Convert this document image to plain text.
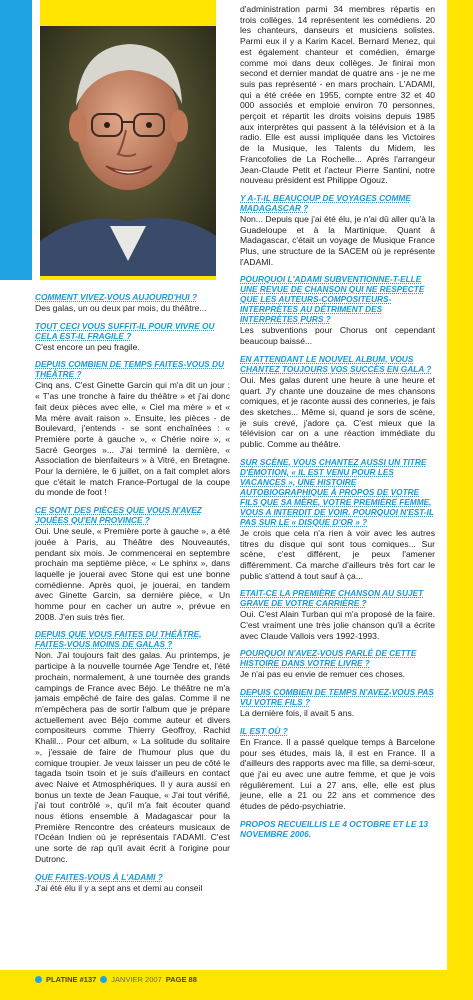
COMMENT VIVEZ-VOUS AUJOURD'HUI ?
Des galas, un ou deux par mois, du théâtre...
TOUT CECI VOUS SUFFIT-IL POUR VIVRE OU CELA EST-IL FRAGILE ?
C'est encore un peu fragile.
DEPUIS COMBIEN DE TEMPS FAITES-VOUS DU THÉÂTRE ?
Cinq ans. C'est Ginette Garcin qui m'a dit un jour : « T'as une tronche à faire du théâtre » et j'ai donc fait deux pièces avec elle, « Ciel ma mère » et « Ma mère avait raison ». Ensuite, les pièces - de Boulevard, j'entends - se sont enchaînées : « Première porte à gauche », « Chérie noire », « Sacré Georges »... J'ai terminé la dernière, « Association de bienfaiteurs » à Vitré, en Bretagne. Pour la dernière, le 6 juillet, on a fait complet alors que c'était le match France-Portugal de la coupe du monde de foot !
CE SONT DES PIÈCES QUE VOUS N'AVEZ JOUÉES QU'EN PROVINCE ?
Oui. Une seule, « Première porte à gauche », a été jouée à Paris, au Théâtre des Nouveautés, pendant six mois. Je commencerai en septembre prochain ma septième pièce, « Le sphinx », dans laquelle je jouerai avec Stone qui est une bonne comédienne. Après quoi, je jouerai, en tandem avec Ginette Garcin, sa dernière pièce, « Un homme pour en cacher un autre », prévue en 2008. J'en suis très fier.
DEPUIS QUE VOUS FAITES DU THÉÂTRE, FAITES-VOUS MOINS DE GALAS ?
Non. J'ai toujours fait des galas. Au printemps, je participe à la nouvelle tournée Age Tendre et, l'été prochain, normalement, à une tournée des grands campings de France avec Béjo. Le théâtre ne m'a jamais empêché de faire des galas. Comme il ne m'empêchera pas de sortir l'album que je prépare actuellement avec Béjo comme auteur et divers compositeurs comme Thierry Geoffroy, Rachid Khalil... Pour cet album, « La solitude du solitaire », j'essaie de faire de l'humour plus que du comique troupier. Je veux laisser un peu de côté le tagada tsoin tsoin et je suis d'ailleurs en contact avec Naive et Atmosphériques. Il y aura aussi en bonus un texte de Jean Fauque, « J'ai tout vérifié, j'ai tout contrôlé », qu'il m'a fait écouter quand nous étions ensemble à Madagascar pour la Première Rencontre des créateurs musicaux de l'Océan Indien où je représentais l'ADAMI. C'est une sorte de rap qu'il avait écrit à l'origine pour Dutronc.
QUE FAITES-VOUS À L'ADAMI ?
J'ai été élu il y a sept ans et demi au conseil
d'administration parmi 34 membres répartis en trois collèges. 14 représentent les comédiens. 20 les chanteurs, danseurs et musiciens solistes. Parmi eux il y a Karim Kacel. Bernard Menez, qui est également chanteur et comédien, émarge comme moi dans deux collèges. Je finirai mon second et dernier mandat de quatre ans - je ne me suis pas représenté - en mars prochain. L'ADAMI, qui a été créée en 1955, compte entre 32 et 40 000 associés et emploie environ 70 personnes, perçoit et répartit les droits voisins depuis 1985 aux interprètes qui passent à la télévision et à la radio. Elle est aussi impliquée dans les Victoires de la Musique, les Talents du Midem, les Francofolies de La Rochelle... Après l'arrangeur Jean-Claude Petit et l'acteur Pierre Santini, notre nouveau président est Philippe Ogouz.
Y A-T-IL BEAUCOUP DE VOYAGES COMME MADAGASCAR ?
Non... Depuis que j'ai été élu, je n'ai dû aller qu'à la Guadeloupe et à la Martinique. Quant à Madagascar, c'était un voyage de Musique France Plus, une structure de la SACEM où je représente l'ADAMI.
POURQUOI L'ADAMI SUBVENTIONNE-T-ELLE UNE REVUE DE CHANSON QUI NE RESPECTE QUE LES AUTEURS-COMPOSITEURS-INTERPRÈTES AU DÉTRIMENT DES INTERPRÈTES PURS ?
Les subventions pour Chorus ont cependant beaucoup baissé...
EN ATTENDANT LE NOUVEL ALBUM, VOUS CHANTEZ TOUJOURS VOS SUCCÈS EN GALA ?
Oui. Mes galas durent une heure à une heure et quart. J'y chante une douzaine de mes chansons comiques, et je raconte aussi des conneries, je fais des sketches... Même si, quand je sors de scène, je suis crevé, j'adore ça. C'est mieux que la télévision car on a une réaction immédiate du public. Comme au théâtre.
SUR SCÈNE, VOUS CHANTEZ AUSSI UN TITRE D'ÉMOTION, « IL EST VENU POUR LES VACANCES », UNE HISTOIRE AUTOBIOGRAPHIQUE À PROPOS DE VOTRE FILS QUE SA MÈRE, VOTRE PREMIÈRE FEMME, VOUS A INTERDIT DE VOIR. POURQUOI N'EST-IL PAS SUR LE « DISQUE D'OR » ?
Je crois que cela n'a rien à voir avec les autres titres du disque qui sont tous comiques... Sur scène, c'est différent, je peux l'amener différemment. Ca marche d'ailleurs très fort car le public s'attend à tout sauf à ça...
ETAIT-CE LA PREMIÈRE CHANSON AU SUJET GRAVE DE VOTRE CARRIÈRE ?
Oui. C'est Alain Turban qui m'a proposé de la faire. C'est vraiment une très jolie chanson qu'il a écrite avec Claude Vallois vers 1992-1993.
POURQUOI N'AVEZ-VOUS PARLÉ DE CETTE HISTOIRE DANS VOTRE LIVRE ?
Je n'ai pas eu envie de remuer ces choses.
DEPUIS COMBIEN DE TEMPS N'AVEZ-VOUS PAS VU VOTRE FILS ?
La dernière fois, il avait 5 ans.
IL EST OÙ ?
En France. Il a passé quelque temps à Barcelone pour ses études, mais là, il est en France. Il a d'ailleurs des rapports avec ma fille, sa demi-sœur, que j'ai eu avec une autre femme, et que je vois régulièrement. Lui a 27 ans, elle, elle est plus jeune, elle a 21 ou 22 ans et commence des études de pédo-psychiatrie.
PROPOS RECUEILLIS LE 4 OCTOBRE ET LE 13 NOVEMBRE 2006.
PLATINE #137 JANVIER 2007 PAGE 88
